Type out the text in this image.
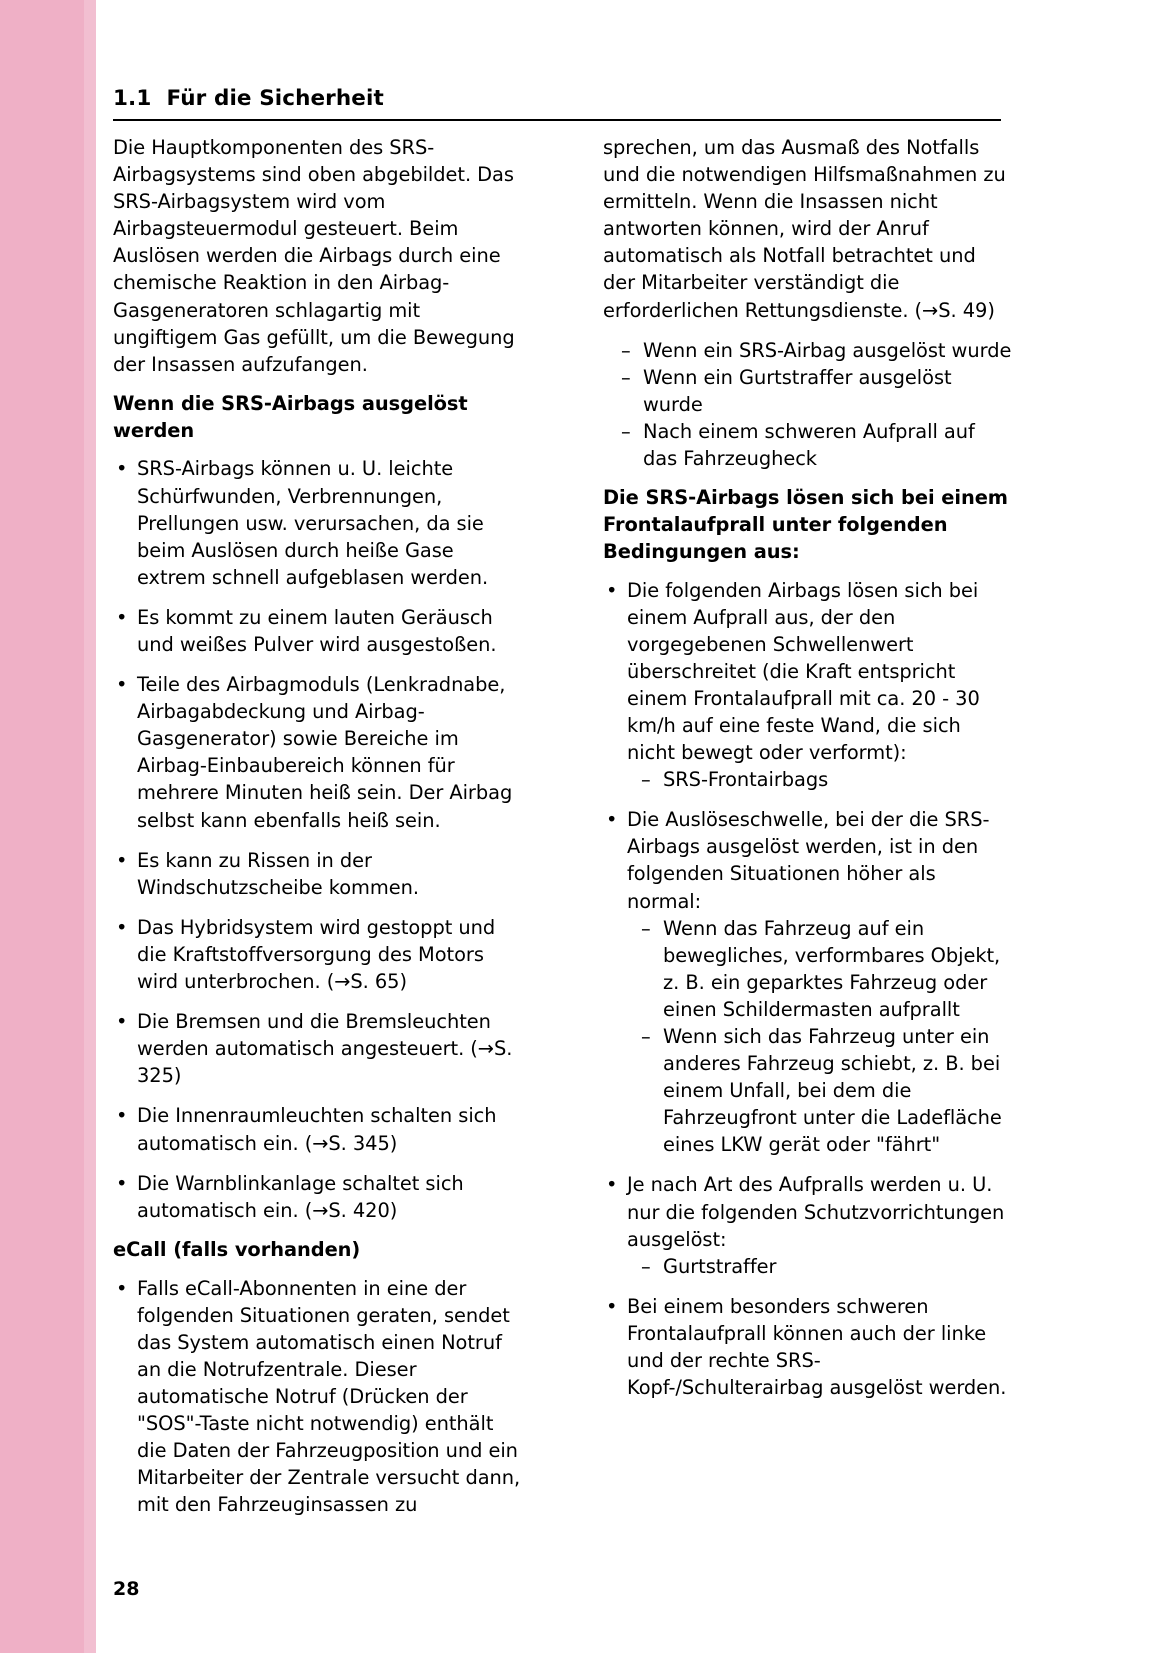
1.1  Für die Sicherheit

Die Hauptkomponenten des SRS-Airbagsystems sind oben abgebildet. Das SRS-Airbagsystem wird vom Airbagsteuermodul gesteuert. Beim Auslösen werden die Airbags durch eine chemische Reaktion in den Airbag-Gasgeneratoren schlagartig mit ungiftigem Gas gefüllt, um die Bewegung der Insassen aufzufangen.

Wenn die SRS-Airbags ausgelöst werden
• SRS-Airbags können u. U. leichte Schürfwunden, Verbrennungen, Prellungen usw. verursachen, da sie beim Auslösen durch heiße Gase extrem schnell aufgeblasen werden.
• Es kommt zu einem lauten Geräusch und weißes Pulver wird ausgestoßen.
• Teile des Airbagmoduls (Lenkradnabe, Airbagabdeckung und Airbag-Gasgenerator) sowie Bereiche im Airbag-Einbaubereich können für mehrere Minuten heiß sein. Der Airbag selbst kann ebenfalls heiß sein.
• Es kann zu Rissen in der Windschutzscheibe kommen.
• Das Hybridsystem wird gestoppt und die Kraftstoffversorgung des Motors wird unterbrochen. (→S. 65)
• Die Bremsen und die Bremsleuchten werden automatisch angesteuert. (→S. 325)
• Die Innenraumleuchten schalten sich automatisch ein. (→S. 345)
• Die Warnblinkanlage schaltet sich automatisch ein. (→S. 420)
eCall (falls vorhanden)
• Falls eCall-Abonnenten in eine der folgenden Situationen geraten, sendet das System automatisch einen Notruf an die Notrufzentrale. Dieser automatische Notruf (Drücken der "SOS"-Taste nicht notwendig) enthält die Daten der Fahrzeugposition und ein Mitarbeiter der Zentrale versucht dann, mit den Fahrzeuginsassen zu

sprechen, um das Ausmaß des Notfalls und die notwendigen Hilfsmaßnahmen zu ermitteln. Wenn die Insassen nicht antworten können, wird der Anruf automatisch als Notfall betrachtet und der Mitarbeiter verständigt die erforderlichen Rettungsdienste. (→S. 49)

– Wenn ein SRS-Airbag ausgelöst wurde
– Wenn ein Gurtstraffer ausgelöst wurde
– Nach einem schweren Aufprall auf das Fahrzeugheck
Die SRS-Airbags lösen sich bei einem Frontalaufprall unter folgenden Bedingungen aus:
• Die folgenden Airbags lösen sich bei einem Aufprall aus, der den vorgegebenen Schwellenwert überschreitet (die Kraft entspricht einem Frontalaufprall mit ca. 20 - 30 km/h auf eine feste Wand, die sich nicht bewegt oder verformt):
– SRS-Frontairbags
• Die Auslöseschwelle, bei der die SRS-Airbags ausgelöst werden, ist in den folgenden Situationen höher als normal:
– Wenn das Fahrzeug auf ein bewegliches, verformbares Objekt, z. B. ein geparktes Fahrzeug oder einen Schildermasten aufprallt
– Wenn sich das Fahrzeug unter ein anderes Fahrzeug schiebt, z. B. bei einem Unfall, bei dem die Fahrzeugfront unter die Ladefläche eines LKW gerät oder "fährt"
• Je nach Art des Aufpralls werden u. U. nur die folgenden Schutzvorrichtungen ausgelöst:
– Gurtstraffer
• Bei einem besonders schweren Frontalaufprall können auch der linke und der rechte SRS-Kopf-/Schulterairbag ausgelöst werden.
28
